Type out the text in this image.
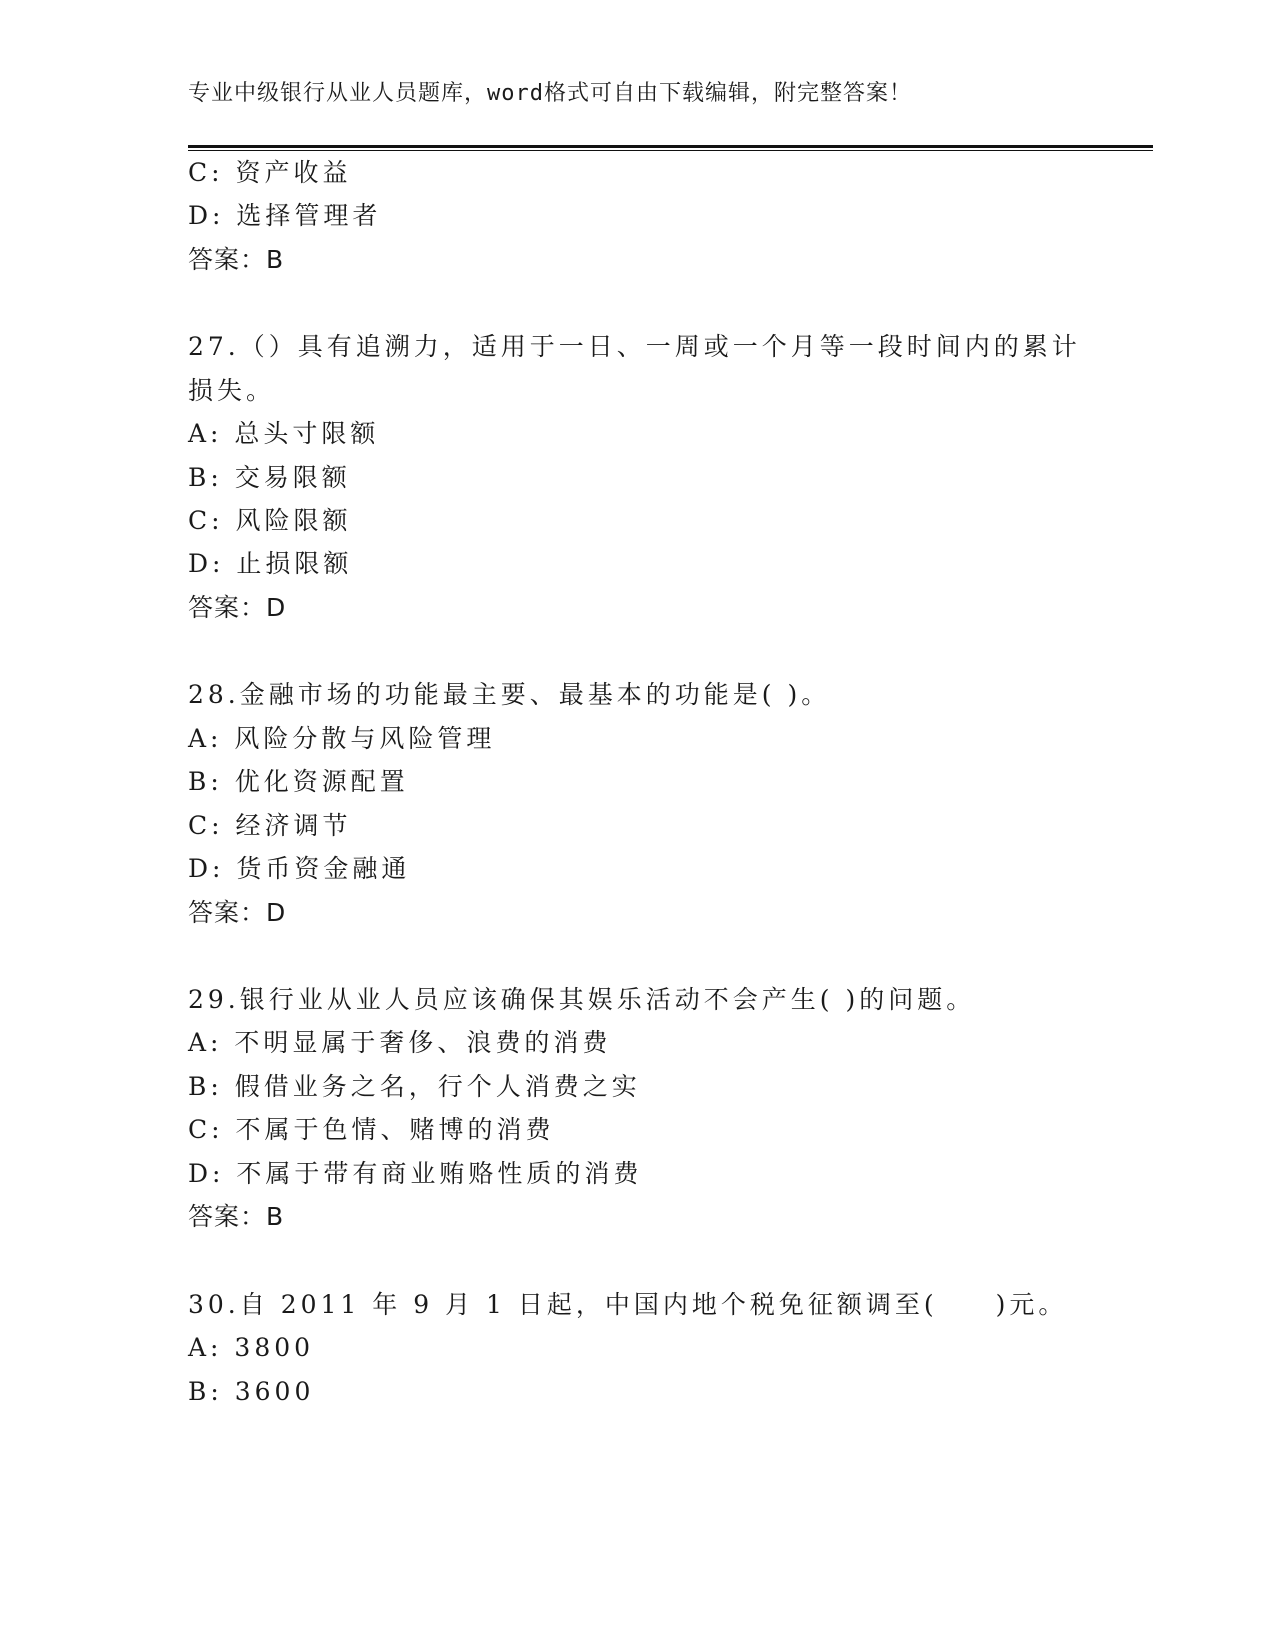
专业中级银行从业人员题库，word格式可自由下载编辑，附完整答案！
C: 资产收益
D: 选择管理者
答案：B
27.（）具有追溯力，适用于一日、一周或一个月等一段时间内的累计
损失。
A: 总头寸限额
B: 交易限额
C: 风险限额
D: 止损限额
答案：D
28.金融市场的功能最主要、最基本的功能是( )。
A: 风险分散与风险管理
B: 优化资源配置
C: 经济调节
D: 货币资金融通
答案：D
29.银行业从业人员应该确保其娱乐活动不会产生( )的问题。
A: 不明显属于奢侈、浪费的消费
B: 假借业务之名，行个人消费之实
C: 不属于色情、赌博的消费
D: 不属于带有商业贿赂性质的消费
答案：B
30.自 2011 年 9 月 1 日起，中国内地个税免征额调至(　　)元。
A: 3800
B: 3600
